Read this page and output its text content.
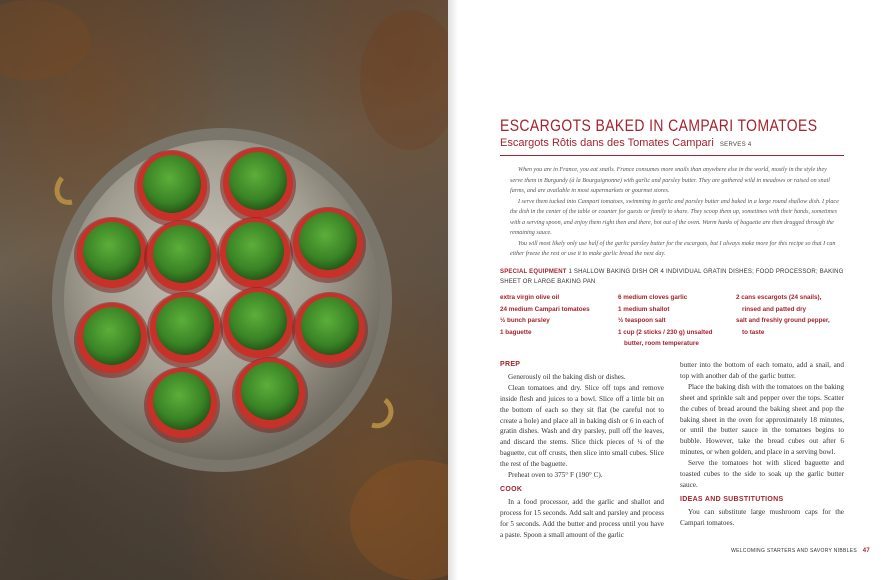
ESCARGOTS BAKED IN CAMPARI TOMATOES
Escargots Rôtis dans des Tomates Campari SERVES 4

When you are in France, you eat snails. France consumes more snails than anywhere else in the world, mostly in the style they serve them in Burgundy (à la Bourguignonne) with garlic and parsley butter. They are gathered wild in meadows or raised on snail farms, and are available in most supermarkets or gourmet stores.

I serve them tucked into Campari tomatoes, swimming in garlic and parsley butter and baked in a large round shallow dish. I place the dish in the center of the table or counter for guests or family to share. They scoop them up, sometimes with their hands, sometimes with a serving spoon, and enjoy them right then and there, hot out of the oven. Warm hunks of baguette are then dragged through the remaining sauce.

You will most likely only use half of the garlic parsley butter for the escargots, but I always make more for this recipe so that I can either freeze the rest or use it to make garlic bread the next day.

SPECIAL EQUIPMENT 1 SHALLOW BAKING DISH OR 4 INDIVIDUAL GRATIN DISHES; FOOD PROCESSOR; BAKING SHEET OR LARGE BAKING PAN
extra virgin olive oil
24 medium Campari tomatoes
½ bunch parsley
1 baguette
6 medium cloves garlic
1 medium shallot
½ teaspoon salt
1 cup (2 sticks / 230 g) unsalted
butter, room temperature
2 cans escargots (24 snails),
rinsed and patted dry
salt and freshly ground pepper,
to taste
PREP

Generously oil the baking dish or dishes.

Clean tomatoes and dry. Slice off tops and remove inside flesh and juices to a bowl. Slice off a little bit on the bottom of each so they sit flat (be careful not to create a hole) and place all in baking dish or 6 in each of gratin dishes. Wash and dry parsley, pull off the leaves, and discard the stems. Slice thick pieces of ¼ of the baguette, cut off crusts, then slice into small cubes. Slice the rest of the baguette.

Preheat oven to 375° F (190° C).

COOK

In a food processor, add the garlic and shallot and process for 15 seconds. Add salt and parsley and process for 5 seconds. Add the butter and process until you have a paste. Spoon a small amount of the garlic

butter into the bottom of each tomato, add a snail, and top with another dab of the garlic butter.

Place the baking dish with the tomatoes on the baking sheet and sprinkle salt and pepper over the tops. Scatter the cubes of bread around the baking sheet and pop the baking sheet in the oven for approximately 18 minutes, or until the butter sauce in the tomatoes begins to bubble. However, take the bread cubes out after 6 minutes, or when golden, and place in a serving bowl.

Serve the tomatoes hot with sliced baguette and toasted cubes to the side to soak up the garlic butter sauce.

IDEAS AND SUBSTITUTIONS

You can substitute large mushroom caps for the Campari tomatoes.

WELCOMING STARTERS AND SAVORY NIBBLES 47
